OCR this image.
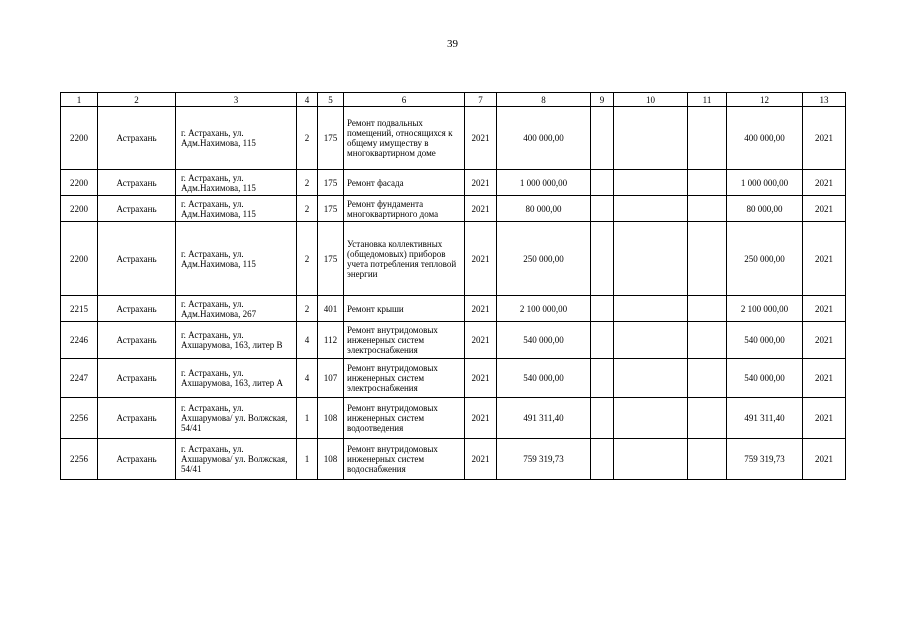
39
1	2	3	4	5	6	7	8	9	10	11	12	13
2200	Астрахань	г. Астрахань, ул. Адм.Нахимова, 115	2	175	Ремонт подвальных помещений, относящихся к общему имуществу в многоквартирном доме	2021	400 000,00				400 000,00	2021
2200	Астрахань	г. Астрахань, ул. Адм.Нахимова, 115	2	175	Ремонт фасада	2021	1 000 000,00				1 000 000,00	2021
2200	Астрахань	г. Астрахань, ул. Адм.Нахимова, 115	2	175	Ремонт фундамента многоквартирного дома	2021	80 000,00				80 000,00	2021
2200	Астрахань	г. Астрахань, ул. Адм.Нахимова, 115	2	175	Установка коллективных (общедомовых) приборов учета потребления тепловой энергии	2021	250 000,00				250 000,00	2021
2215	Астрахань	г. Астрахань, ул. Адм.Нахимова, 267	2	401	Ремонт крыши	2021	2 100 000,00				2 100 000,00	2021
2246	Астрахань	г. Астрахань, ул. Ахшарумова, 163, литер В	4	112	Ремонт внутридомовых инженерных систем электроснабжения	2021	540 000,00				540 000,00	2021
2247	Астрахань	г. Астрахань, ул. Ахшарумова, 163, литер А	4	107	Ремонт внутридомовых инженерных систем электроснабжения	2021	540 000,00				540 000,00	2021
2256	Астрахань	г. Астрахань, ул. Ахшарумова/ ул. Волжская, 54/41	1	108	Ремонт внутридомовых инженерных систем водоотведения	2021	491 311,40				491 311,40	2021
2256	Астрахань	г. Астрахань, ул. Ахшарумова/ ул. Волжская, 54/41	1	108	Ремонт внутридомовых инженерных систем водоснабжения	2021	759 319,73				759 319,73	2021
